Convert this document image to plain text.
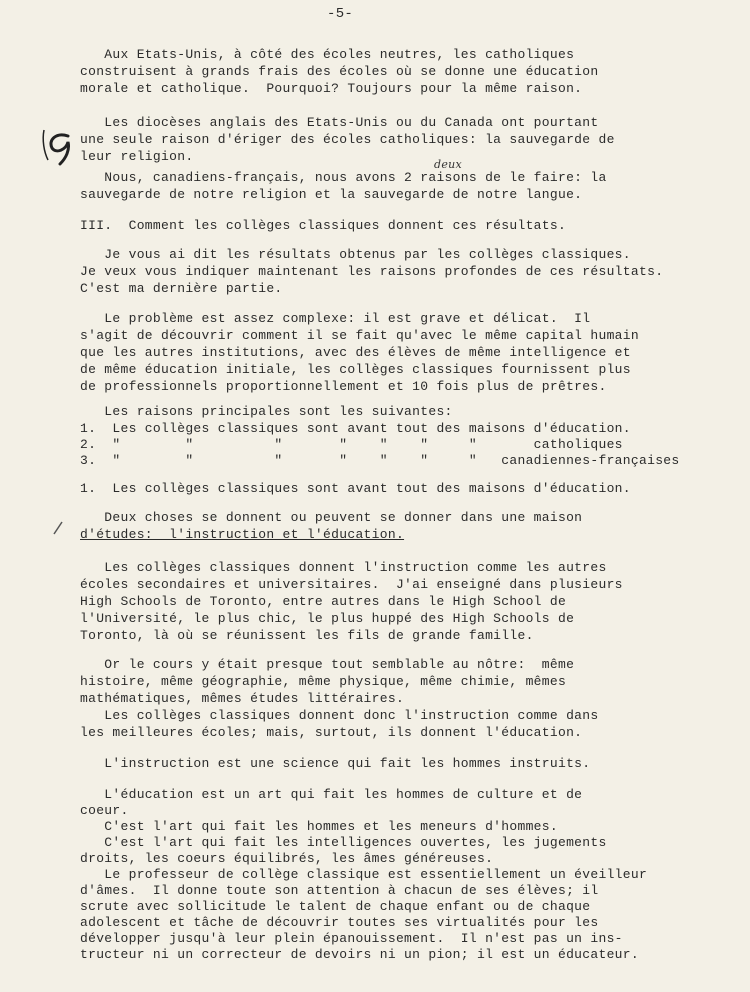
-5-
Aux Etats-Unis, à côté des écoles neutres, les catholiques
construisent à grands frais des écoles où se donne une éducation
morale et catholique.  Pourquoi? Toujours pour la même raison.
Les diocèses anglais des Etats-Unis ou du Canada ont pourtant
une seule raison d'ériger des écoles catholiques: la sauvegarde de
leur religion.
deux
Nous, canadiens-français, nous avons 2 raisons de le faire: la
sauvegarde de notre religion et la sauvegarde de notre langue.
III.  Comment les collèges classiques donnent ces résultats.
Je vous ai dit les résultats obtenus par les collèges classiques.
Je veux vous indiquer maintenant les raisons profondes de ces résultats.
C'est ma dernière partie.
Le problème est assez complexe: il est grave et délicat.  Il
s'agit de découvrir comment il se fait qu'avec le même capital humain
que les autres institutions, avec des élèves de même intelligence et
de même éducation initiale, les collèges classiques fournissent plus
de professionnels proportionnellement et 10 fois plus de prêtres.
Les raisons principales sont les suivantes:
1.  Les collèges classiques sont avant tout des maisons d'éducation.
2.  "        "          "       "    "    "     "       catholiques
3.  "        "          "       "    "    "     "   canadiennes-françaises
1.  Les collèges classiques sont avant tout des maisons d'éducation.
Deux choses se donnent ou peuvent se donner dans une maison
d'études:  l'instruction et l'éducation.
Les collèges classiques donnent l'instruction comme les autres
écoles secondaires et universitaires.  J'ai enseigné dans plusieurs
High Schools de Toronto, entre autres dans le High School de
l'Université, le plus chic, le plus huppé des High Schools de
Toronto, là où se réunissent les fils de grande famille.
Or le cours y était presque tout semblable au nôtre:  même
histoire, même géographie, même physique, même chimie, mêmes
mathématiques, mêmes études littéraires.
Les collèges classiques donnent donc l'instruction comme dans
les meilleures écoles; mais, surtout, ils donnent l'éducation.
L'instruction est une science qui fait les hommes instruits.
L'éducation est un art qui fait les hommes de culture et de
coeur.
C'est l'art qui fait les hommes et les meneurs d'hommes.
C'est l'art qui fait les intelligences ouvertes, les jugements
droits, les coeurs équilibrés, les âmes généreuses.
Le professeur de collège classique est essentiellement un éveilleur
d'âmes.  Il donne toute son attention à chacun de ses élèves; il
scrute avec sollicitude le talent de chaque enfant ou de chaque
adolescent et tâche de découvrir toutes ses virtualités pour les
développer jusqu'à leur plein épanouissement.  Il n'est pas un ins-
tructeur ni un correcteur de devoirs ni un pion; il est un éducateur.
